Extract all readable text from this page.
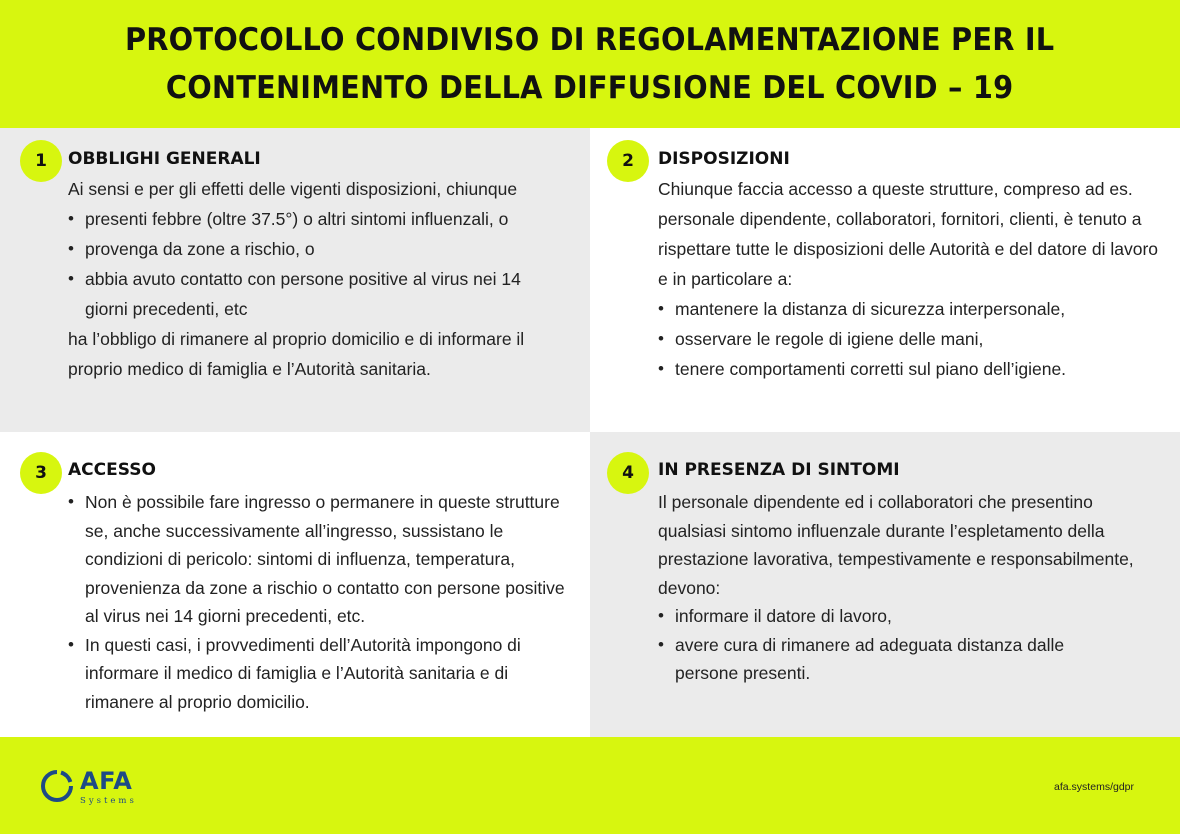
PROTOCOLLO CONDIVISO DI REGOLAMENTAZIONE PER IL
CONTENIMENTO DELLA DIFFUSIONE DEL COVID – 19
1	OBBLIGHI GENERALI

Ai sensi e per gli effetti delle vigenti disposizioni, chiunque

• presenti febbre (oltre 37.5°) o altri sintomi influenzali, o
• provenga da zone a rischio, o
• abbia avuto contatto con persone positive al virus nei 14 giorni precedenti, etc

ha l’obbligo di rimanere al proprio domicilio e di informare il proprio medico di famiglia e l’Autorità sanitaria.

2	DISPOSIZIONI

Chiunque faccia accesso a queste strutture, compreso ad es. personale dipendente, collaboratori, fornitori, clienti, è tenuto a rispettare tutte le disposizioni delle Autorità e del datore di lavoro e in particolare a:

• mantenere la distanza di sicurezza interpersonale,
• osservare le regole di igiene delle mani,
• tenere comportamenti corretti sul piano dell’igiene.
3	ACCESSO
• Non è possibile fare ingresso o permanere in queste strutture se, anche successivamente all’ingresso, sussistano le condizioni di pericolo: sintomi di influenza, temperatura, provenienza da zone a rischio o contatto con persone positive al virus nei 14 giorni precedenti, etc.
• In questi casi, i provvedimenti dell’Autorità impongono di informare il medico di famiglia e l’Autorità sanitaria e di rimanere al proprio domicilio.
4	IN PRESENZA DI SINTOMI

Il personale dipendente ed i collaboratori che presentino qualsiasi sintomo influenzale durante l’espletamento della prestazione lavorativa, tempestivamente e responsabilmente, devono:

• informare il datore di lavoro,
• avere cura di rimanere ad adeguata distanza dalle persone presenti.
AFA
Systems
afa.systems/gdpr
